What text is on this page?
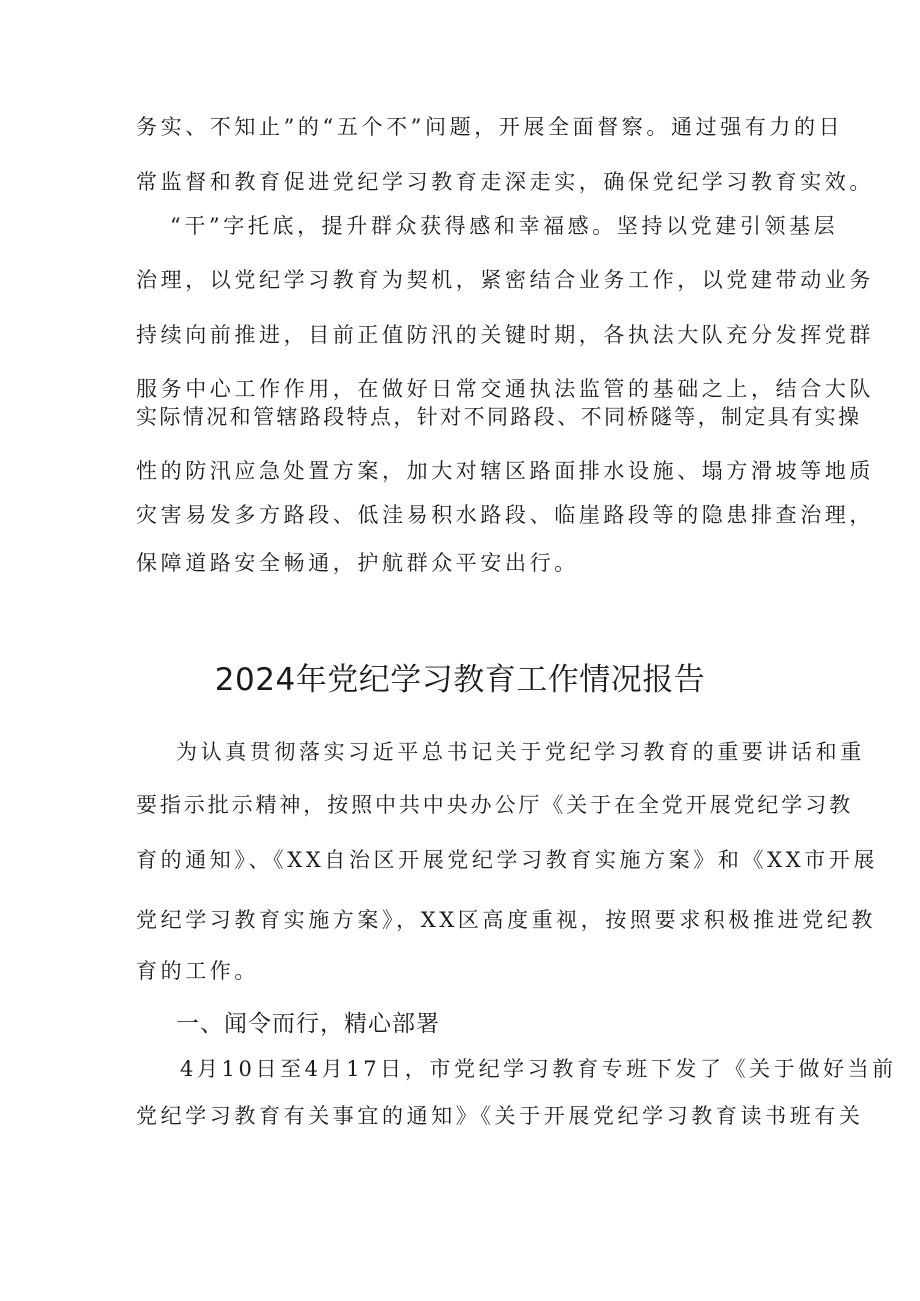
务实、不知止”的“五个不”问题，开展全面督察。通过强有力的日
常监督和教育促进党纪学习教育走深走实，确保党纪学习教育实效。
“干”字托底，提升群众获得感和幸福感。坚持以党建引领基层
治理，以党纪学习教育为契机，紧密结合业务工作，以党建带动业务
持续向前推进，目前正值防汛的关键时期，各执法大队充分发挥党群
服务中心工作作用，在做好日常交通执法监管的基础之上，结合大队
实际情况和管辖路段特点，针对不同路段、不同桥隧等，制定具有实操
性的防汛应急处置方案，加大对辖区路面排水设施、塌方滑坡等地质
灾害易发多方路段、低洼易积水路段、临崖路段等的隐患排查治理，
保障道路安全畅通，护航群众平安出行。
2024年党纪学习教育工作情况报告
为认真贯彻落实习近平总书记关于党纪学习教育的重要讲话和重
要指示批示精神，按照中共中央办公厅《关于在全党开展党纪学习教
育的通知》、《XX自治区开展党纪学习教育实施方案》和《XX市开展
党纪学习教育实施方案》，XX区高度重视，按照要求积极推进党纪教
育的工作。
一、闻令而行，精心部署
4月10日至4月17日，市党纪学习教育专班下发了《关于做好当前
党纪学习教育有关事宜的通知》《关于开展党纪学习教育读书班有关
